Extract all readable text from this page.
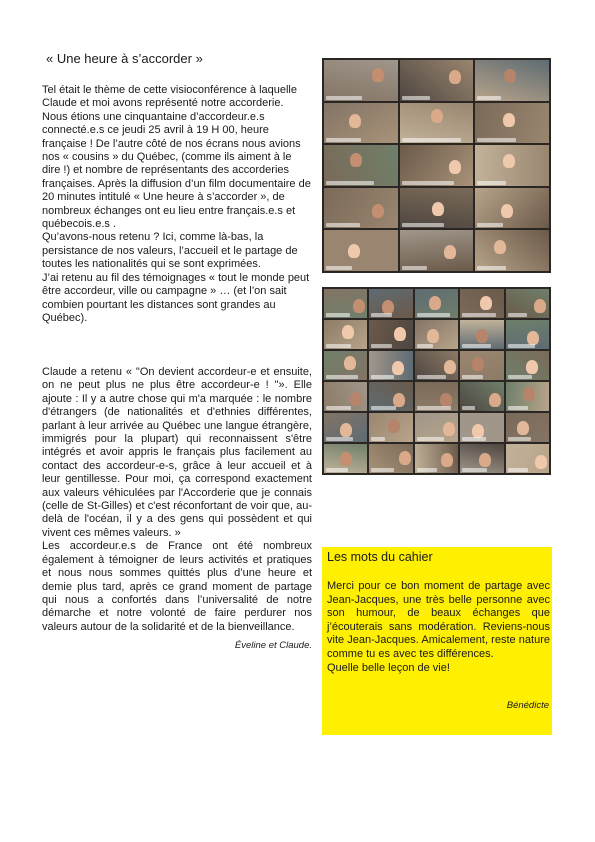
« Une heure à s’accorder »

Tel était le thème de cette visioconférence à laquelle Claude et moi avons représenté notre accorderie. Nous étions une cinquantaine d’accordeur.e.s connecté.e.s ce jeudi 25 avril à 19 H 00, heure française ! De l’autre côté de nos écrans nous avions nos « cousins » du Québec, (comme ils aiment à le dire !) et nombre de représentants des accorderies françaises. Après la diffusion d’un film documentaire de 20 minutes intitulé « Une heure à s’accorder », de nombreux échanges ont eu lieu entre français.e.s et québecois.e.s .

Qu’avons-nous retenu ? Ici, comme là-bas, la persistance de nos valeurs, l’accueil et le partage de toutes les nationalités qui se sont exprimées.

J’ai retenu au fil des témoignages « tout le monde peut être accordeur, ville ou campagne » … (et l’on sait combien pourtant les distances sont grandes au Québec).

Claude a retenu « "On devient accordeur-e et ensuite, on ne peut plus ne plus être accordeur-e ! "». Elle ajoute : Il y a autre chose qui m'a marquée : le nombre d'étrangers (de nationalités et d'ethnies différentes, parlant à leur arrivée au Québec une langue étrangère, immigrés pour la plupart) qui reconnaissent s'être intégrés et avoir appris le français plus facilement au contact des accordeur-e-s, grâce à leur accueil et à leur gentillesse. Pour moi, ça correspond exactement aux valeurs véhiculées par l'Accorderie que je connais (celle de St-Gilles) et c'est réconfortant de voir que, au-delà de l'océan, il y a des gens qui possèdent et qui vivent ces mêmes valeurs. »

Les accordeur.e.s de France ont été nombreux également à témoigner de leurs activités et pratiques et nous nous sommes quittés plus d’une heure et demie plus tard, après ce grand moment de partage qui nous a confortés dans l’universalité de notre démarche et notre volonté de faire perdurer nos valeurs autour de la solidarité et de la bienveillance.

Éveline et Claude.

Les mots du cahier

Merci pour ce bon moment de partage avec Jean-Jacques, une très belle personne avec son humour, de beaux échanges que j’écouterais sans modération. Reviens-nous vite Jean-Jacques. Amicalement, reste nature comme tu es avec tes différences.

Quelle belle leçon de vie!

Bénédicte
